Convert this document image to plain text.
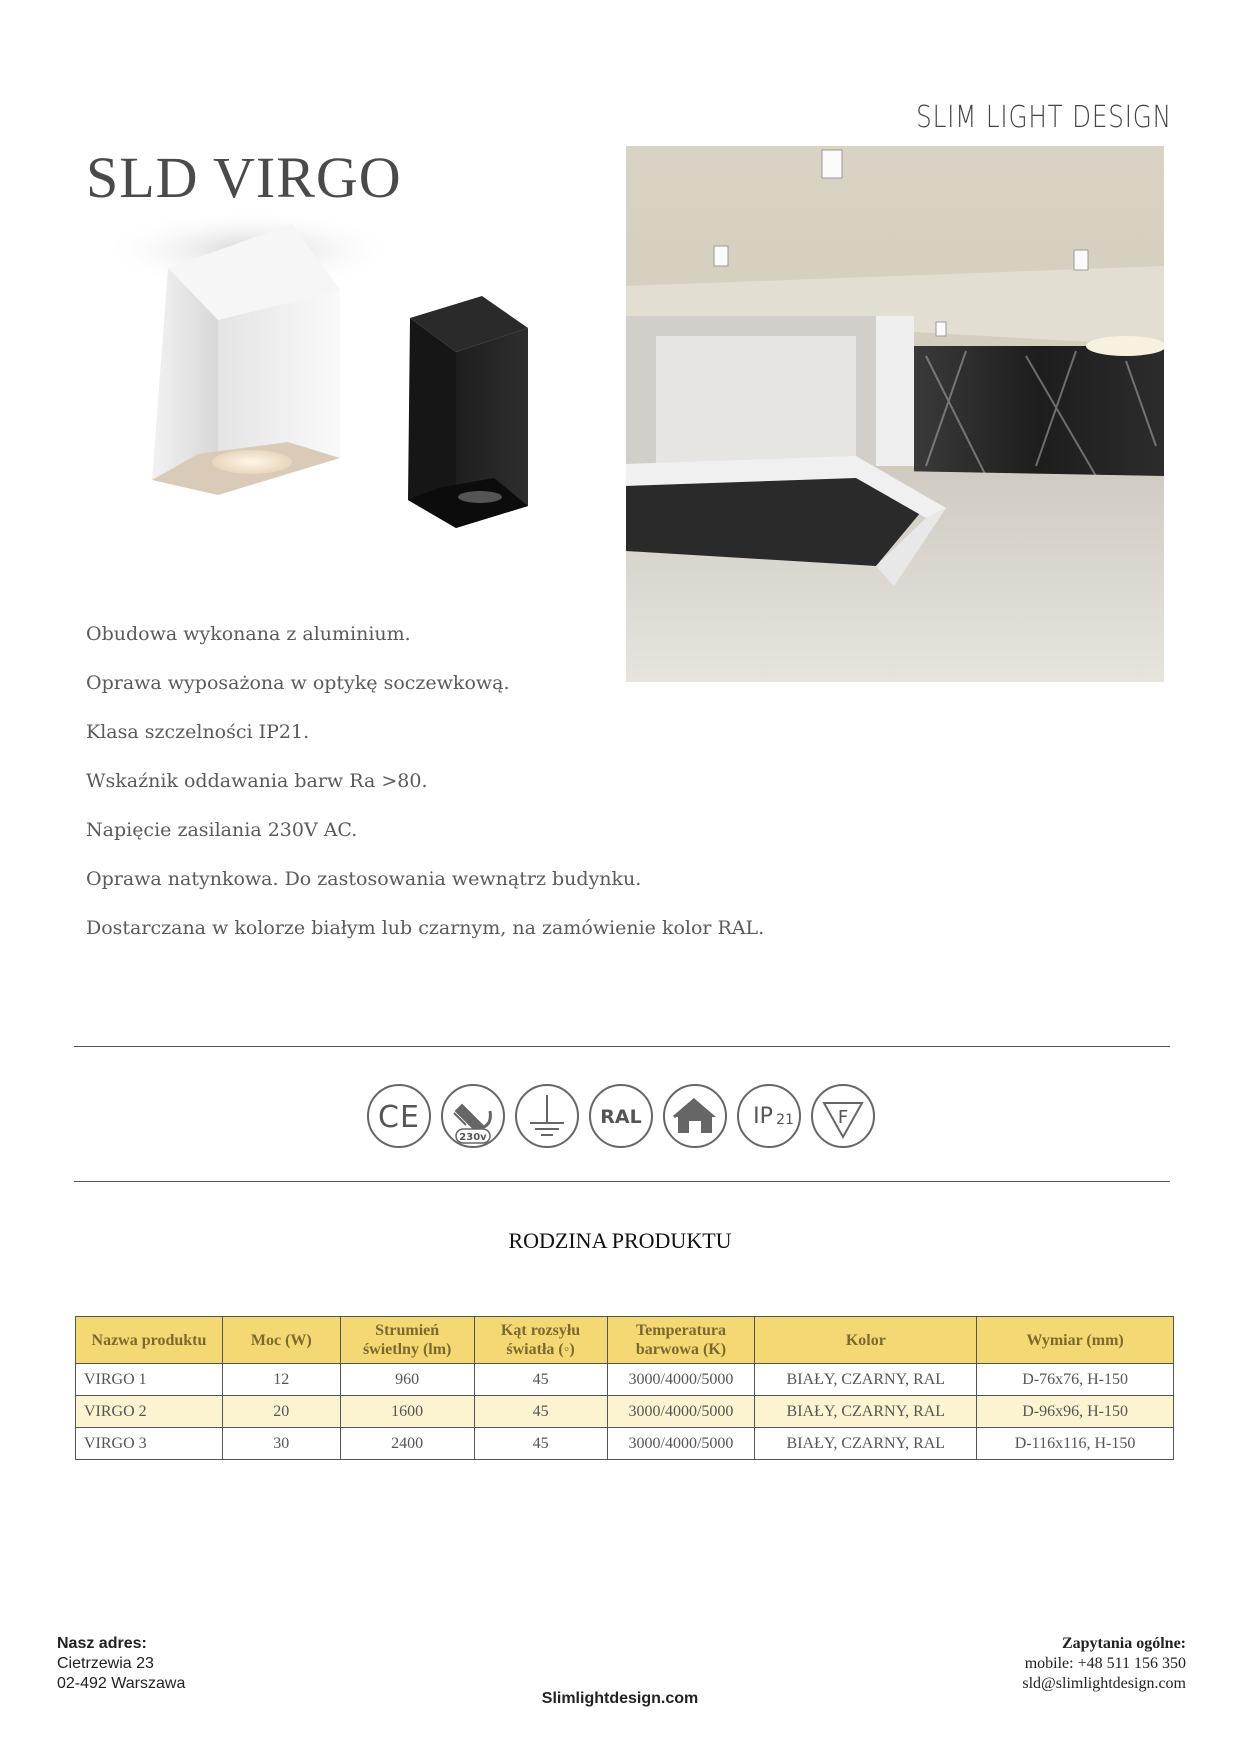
SLIM LIGHT DESIGN
SLD VIRGO
Obudowa wykonana z aluminium.
Oprawa wyposażona w optykę soczewkową.
Klasa szczelności IP21.
Wskaźnik oddawania barw Ra >80.
Napięcie zasilania 230V AC.
Oprawa natynkowa. Do zastosowania wewnątrz budynku.
Dostarczana w kolorze białym lub czarnym, na zamówienie kolor RAL.
CE
230v
RAL	IP 21 F
RODZINA PRODUKTU
Nazwa produktu	Moc (W)	Strumień świetlny (lm)	Kąt rozsyłu światła (◦)	Temperatura barwowa (K)	Kolor	Wymiar (mm)
VIRGO 1	12	960	45	3000/4000/5000	BIAŁY, CZARNY, RAL	D-76x76, H-150
VIRGO 2	20	1600	45	3000/4000/5000	BIAŁY, CZARNY, RAL	D-96x96, H-150
VIRGO 3	30	2400	45	3000/4000/5000	BIAŁY, CZARNY, RAL	D-116x116, H-150
Nasz adres:
Cietrzewia 23
02-492 Warszawa
Zapytania ogólne:
mobile: +48 511 156 350
sld@slimlightdesign.com
Slimlightdesign.com
